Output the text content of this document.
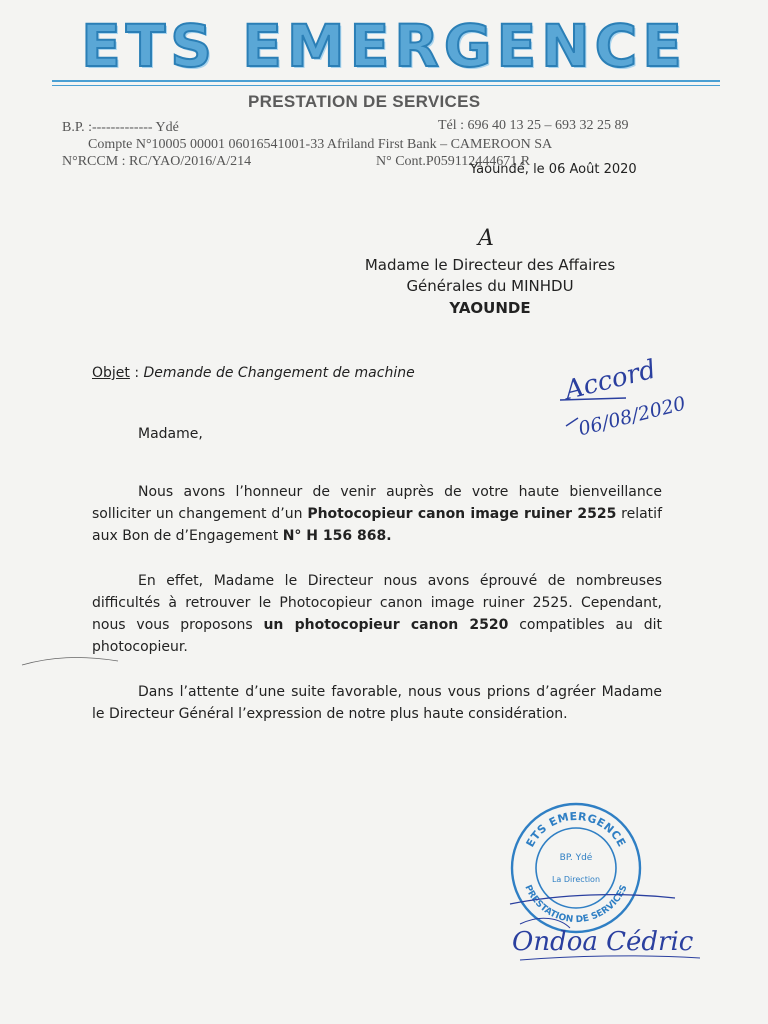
ETS EMERGENCE
PRESTATION DE SERVICES
B.P. :------------- Ydé	Tél : 696 40 13 25 – 693 32 25 89
Compte N°10005 00001 06016541001-33 Afriland First Bank – CAMEROON SA
N°RCCM : RC/YAO/2016/A/214	N° Cont.P059112444671 R
Yaoundé, le 06 Août 2020
A
Madame le Directeur des Affaires
Générales du MINHDU
YAOUNDE
Objet : Demande de Changement de machine	Accord
06/08/2020
Madame,
Nous avons l’honneur de venir auprès de votre haute bienveillance solliciter un changement d’un Photocopieur canon image ruiner 2525 relatif aux Bon de d’Engagement N° H 156 868.
En effet, Madame le Directeur nous avons éprouvé de nombreuses difficultés à retrouver le Photocopieur canon image ruiner 2525. Cependant, nous vous proposons un photocopieur canon 2520 compatibles au dit photocopieur.
Dans l’attente d’une suite favorable, nous vous prions d’agréer Madame le Directeur Général l’expression de notre plus haute considération.
ETS EMERGENCE
PRESTATION DE SERVICES
BP. Ydé
La Direction
Ondoa Cédric
